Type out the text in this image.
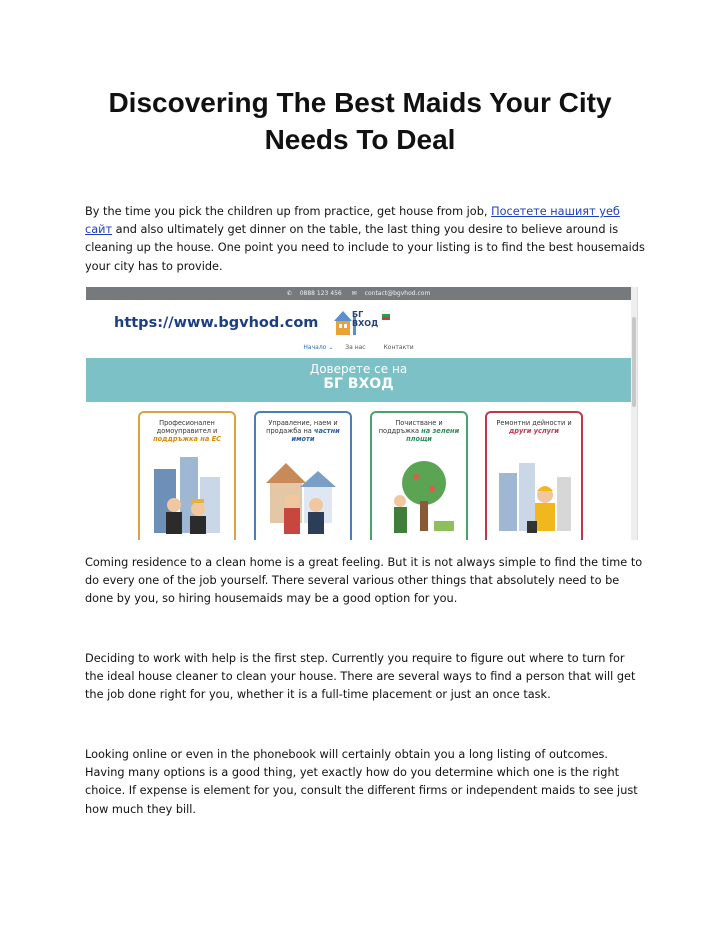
Discovering The Best Maids Your City
Needs To Deal

By the time you pick the children up from practice, get house from job, Посетете нашият уеб сайт and also ultimately get dinner on the table, the last thing you desire to believe around is cleaning up the house. One point you need to include to your listing is to find the best housemaids your city has to provide.

✆ 0888 123 456 ✉ contact@bgvhod.com
https://www.bgvhod.com
БГ
ВХОД
Начало ⌄ За нас	Контакти
Доверете се на
БГ ВХОД
Професионален домоуправител и поддръжка на ЕС
Управление, наем и продажба на частни имоти
Почистване и поддръжка на зелени площи
Ремонтни дейности и други услуги

Coming residence to a clean home is a great feeling. But it is not always simple to find the time to do every one of the job yourself. There several various other things that absolutely need to be done by you, so hiring housemaids may be a good option for you.

Deciding to work with help is the first step. Currently you require to figure out where to turn for the ideal house cleaner to clean your house. There are several ways to find a person that will get the job done right for you, whether it is a full-time placement or just an once task.

Looking online or even in the phonebook will certainly obtain you a long listing of outcomes. Having many options is a good thing, yet exactly how do you determine which one is the right choice. If expense is element for you, consult the different firms or independent maids to see just how much they bill.
